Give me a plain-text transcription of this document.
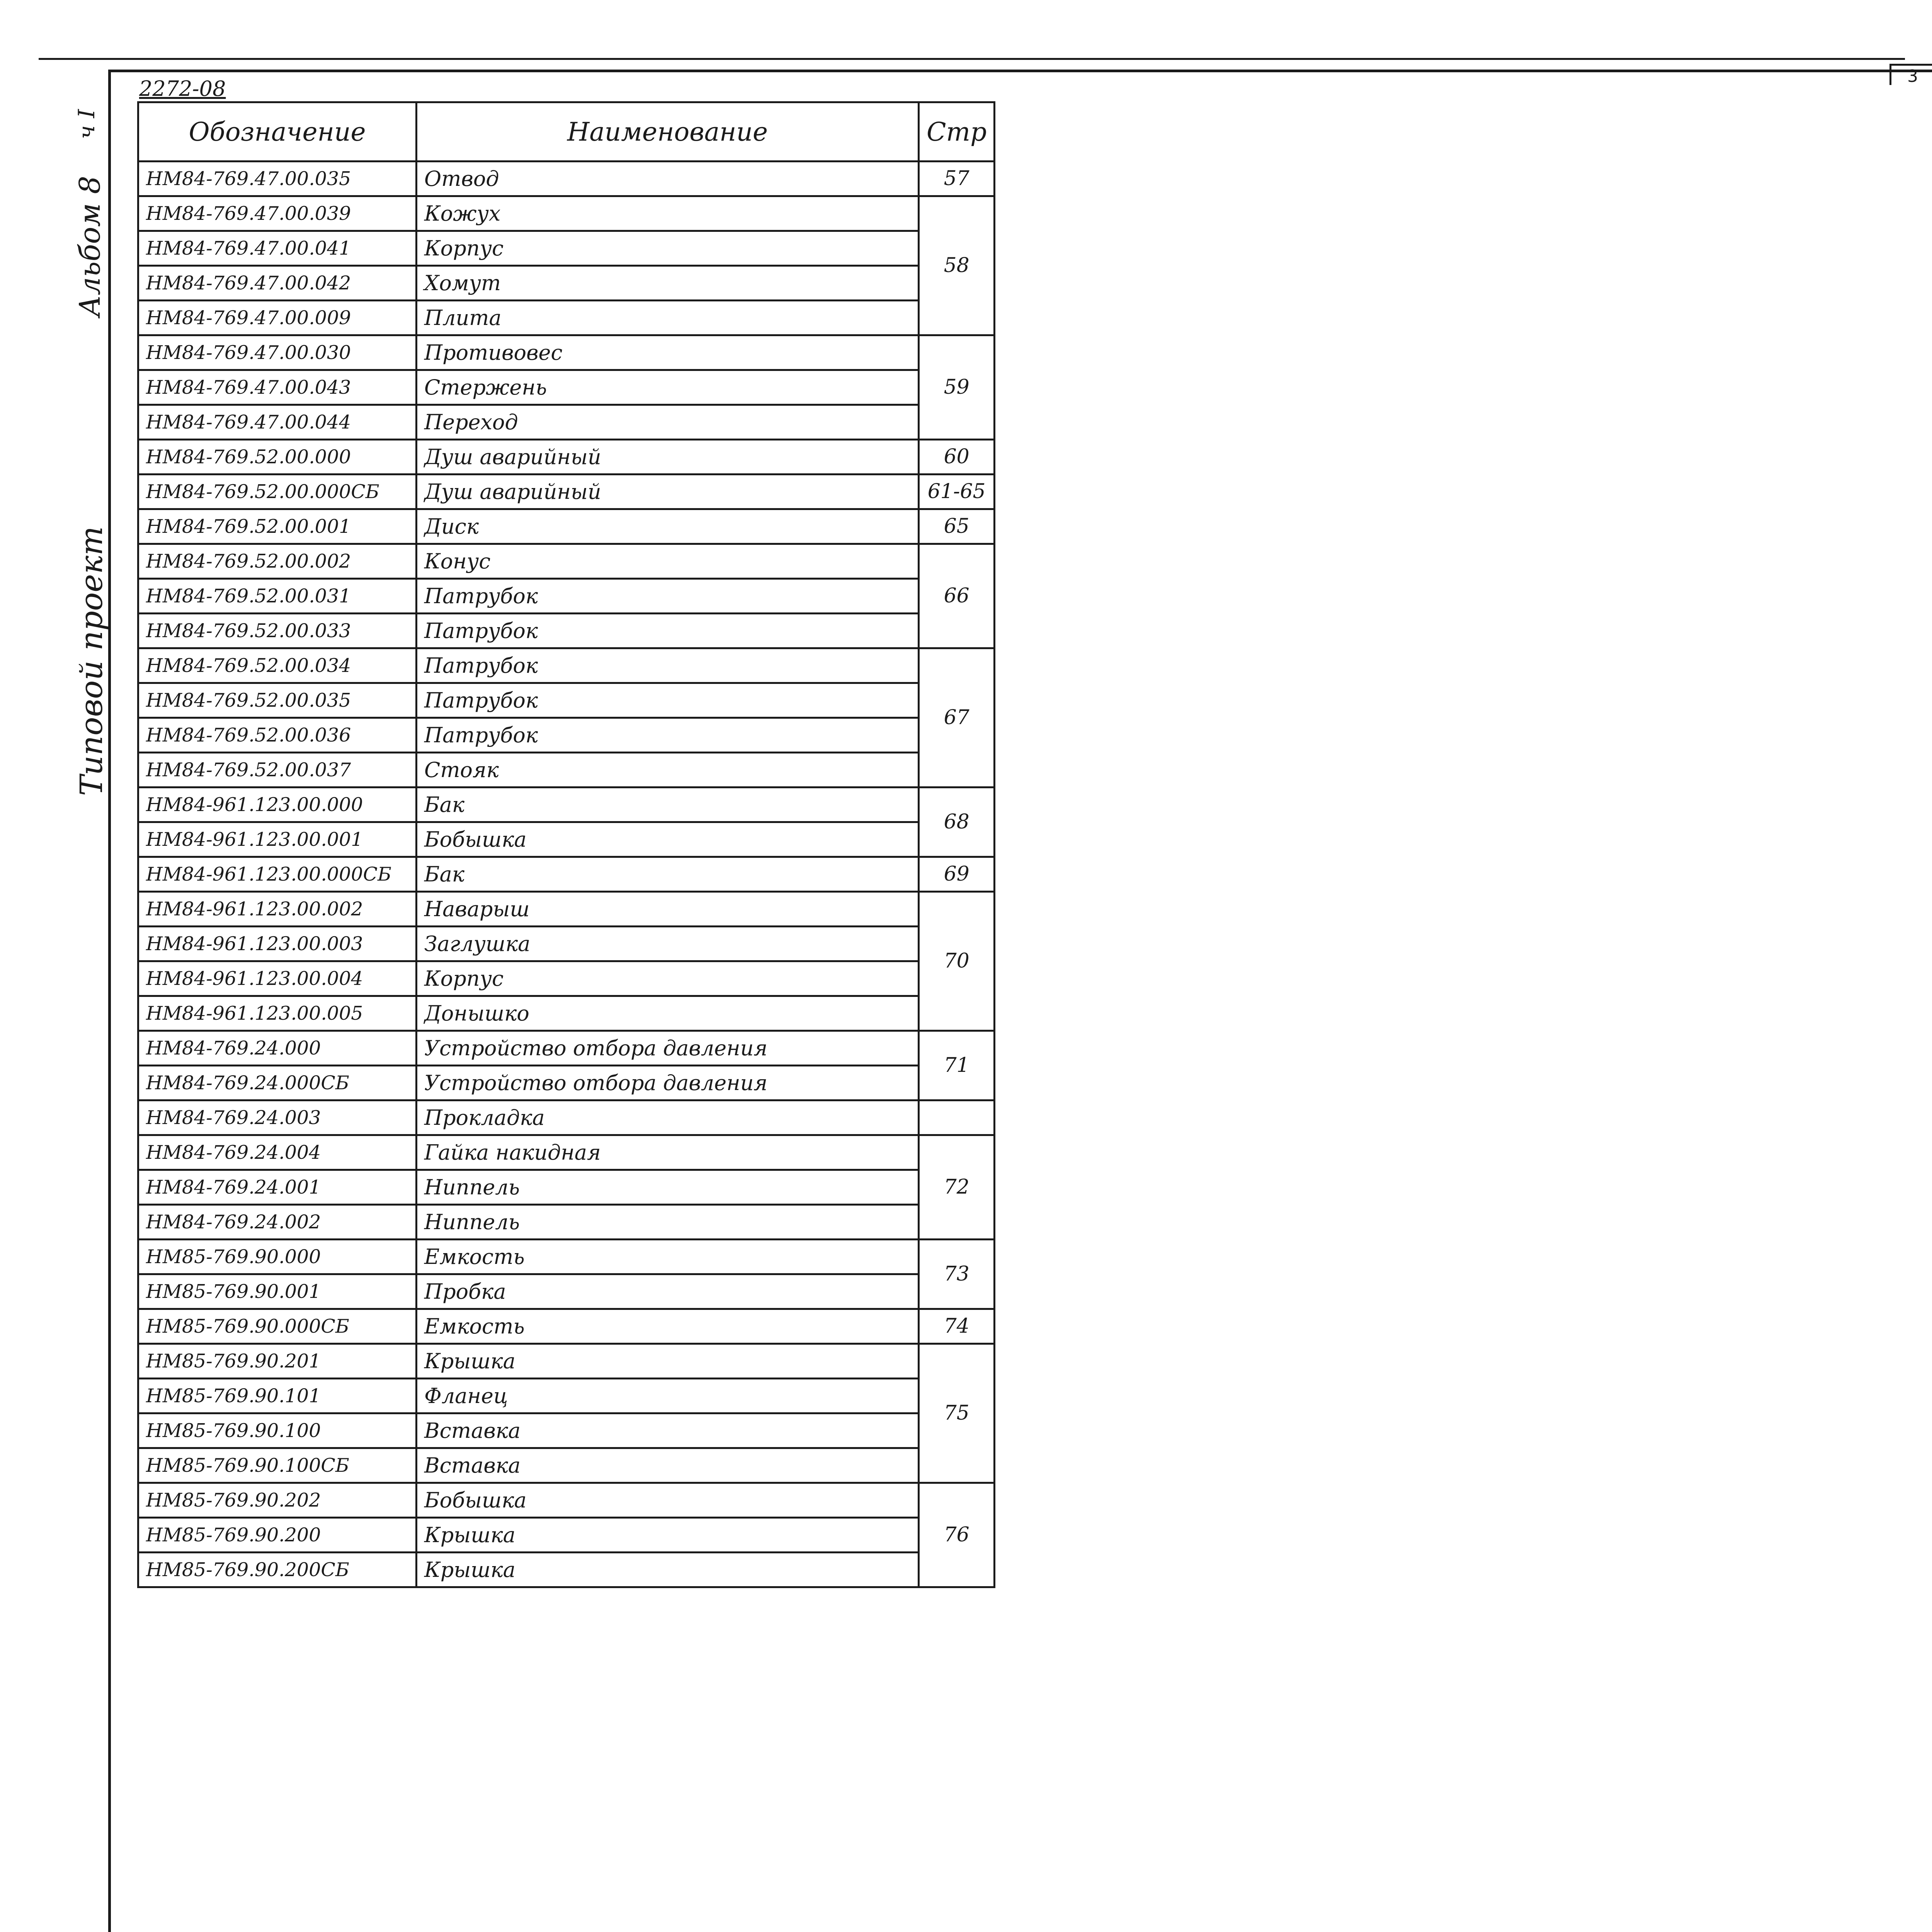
3
ч I
Альбом 8
Типовой проект
2272-08
Обозначение	Наименование	Стр
НМ84-769.47.00.035	Отвод	57
НМ84-769.47.00.039	Кожух	58
НМ84-769.47.00.041	Корпус	
НМ84-769.47.00.042	Хомут	
НМ84-769.47.00.009	Плита	
НМ84-769.47.00.030	Противовес	59
НМ84-769.47.00.043	Стержень	
НМ84-769.47.00.044	Переход	
НМ84-769.52.00.000	Душ аварийный	60
НМ84-769.52.00.000СБ	Душ аварийный	61-65
НМ84-769.52.00.001	Диск	65
НМ84-769.52.00.002	Конус	66
НМ84-769.52.00.031	Патрубок	
НМ84-769.52.00.033	Патрубок	
НМ84-769.52.00.034	Патрубок	67
НМ84-769.52.00.035	Патрубок	
НМ84-769.52.00.036	Патрубок	
НМ84-769.52.00.037	Стояк	
НМ84-961.123.00.000	Бак	68
НМ84-961.123.00.001	Бобышка	
НМ84-961.123.00.000СБ	Бак	69
НМ84-961.123.00.002	Наварыш	70
НМ84-961.123.00.003	Заглушка	
НМ84-961.123.00.004	Корпус	
НМ84-961.123.00.005	Донышко	
НМ84-769.24.000	Устройство отбора давления	71
НМ84-769.24.000СБ	Устройство отбора давления	
НМ84-769.24.003	Прокладка	
НМ84-769.24.004	Гайка накидная	72
НМ84-769.24.001	Ниппель	
НМ84-769.24.002	Ниппель	
НМ85-769.90.000	Емкость	73
НМ85-769.90.001	Пробка	
НМ85-769.90.000СБ	Емкость	74
НМ85-769.90.201	Крышка	75
НМ85-769.90.101	Фланец	
НМ85-769.90.100	Вставка	
НМ85-769.90.100СБ	Вставка	
НМ85-769.90.202	Бобышка	76
НМ85-769.90.200	Крышка	
НМ85-769.90.200СБ	Крышка	
